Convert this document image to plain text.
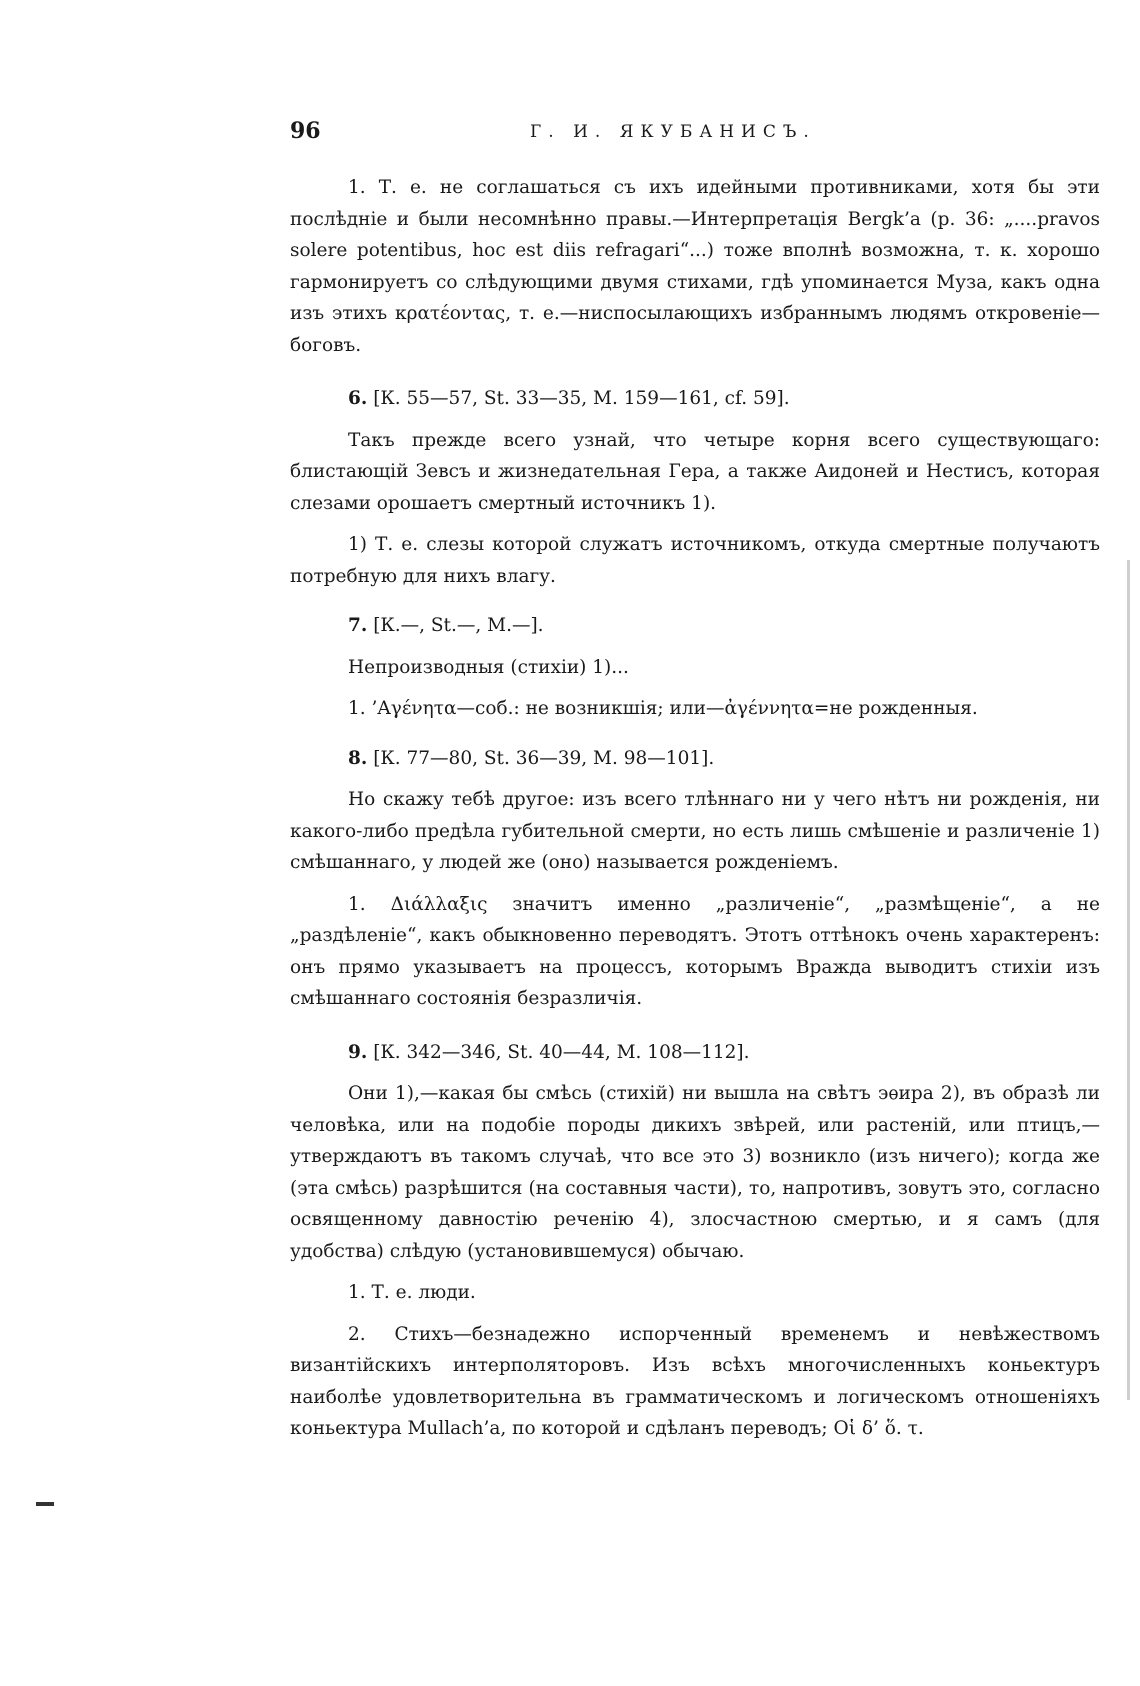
96	Г. И. ЯКУБАНИСЪ.

1. Т. е. не соглашаться съ ихъ идейными противниками, хотя бы эти послѣдніе и были несомнѣнно правы.—Интерпретація Bergk’a (p. 36: „....pravos solere potentibus, hoc est diis refragari“...) тоже вполнѣ возможна, т. к. хорошо гармонируетъ со слѣдующими двумя стихами, гдѣ упоминается Муза, какъ одна изъ этихъ κρατέοντας, т. е.—ниспосылающихъ избраннымъ людямъ откровеніе—боговъ.

6. [К. 55—57, St. 33—35, M. 159—161, cf. 59].

Такъ прежде всего узнай, что четыре корня всего существующаго: блистающій Зевсъ и жизнедательная Гера, а также Аидоней и Нестисъ, которая слезами орошаетъ смертный источникъ 1).

1) Т. е. слезы которой служатъ источникомъ, откуда смертные получаютъ потребную для нихъ влагу.

7. [К.—, St.—, M.—].

Непроизводныя (стихіи) 1)...

1. ’Αγένητα—соб.: не возникшія; или—ἀγέννητα=не рожденныя.

8. [К. 77—80, St. 36—39, M. 98—101].

Но скажу тебѣ другое: изъ всего тлѣннаго ни у чего нѣтъ ни рожденія, ни какого-либо предѣла губительной смерти, но есть лишь смѣшеніе и различеніе 1) смѣшаннаго, у людей же (оно) называется рожденіемъ.

1. Διάλλαξις значитъ именно „различеніе“, „размѣщеніе“, а не „раздѣленіе“, какъ обыкновенно переводятъ. Этотъ оттѣнокъ очень характеренъ: онъ прямо указываетъ на процессъ, которымъ Вражда выводитъ стихіи изъ смѣшаннаго состоянія безразличія.

9. [К. 342—346, St. 40—44, M. 108—112].

Они 1),—какая бы смѣсь (стихій) ни вышла на свѣтъ эѳира 2), въ образѣ ли человѣка, или на подобіе породы дикихъ звѣрей, или растеній, или птицъ,—утверждаютъ въ такомъ случаѣ, что все это 3) возникло (изъ ничего); когда же (эта смѣсь) разрѣшится (на составныя части), то, напротивъ, зовутъ это, согласно освященному давностію реченію 4), злосчастною смертью, и я самъ (для удобства) слѣдую (установившемуся) обычаю.

1. Т. е. люди.

2. Стихъ—безнадежно испорченный временемъ и невѣжествомъ византійскихъ интерполяторовъ. Изъ всѣхъ многочисленныхъ коньектуръ наиболѣе удовлетворительна въ грамматическомъ и логическомъ отношеніяхъ коньектура Mullach’a, по которой и сдѣланъ переводъ; Οἱ δ’ ὅ. τ.
